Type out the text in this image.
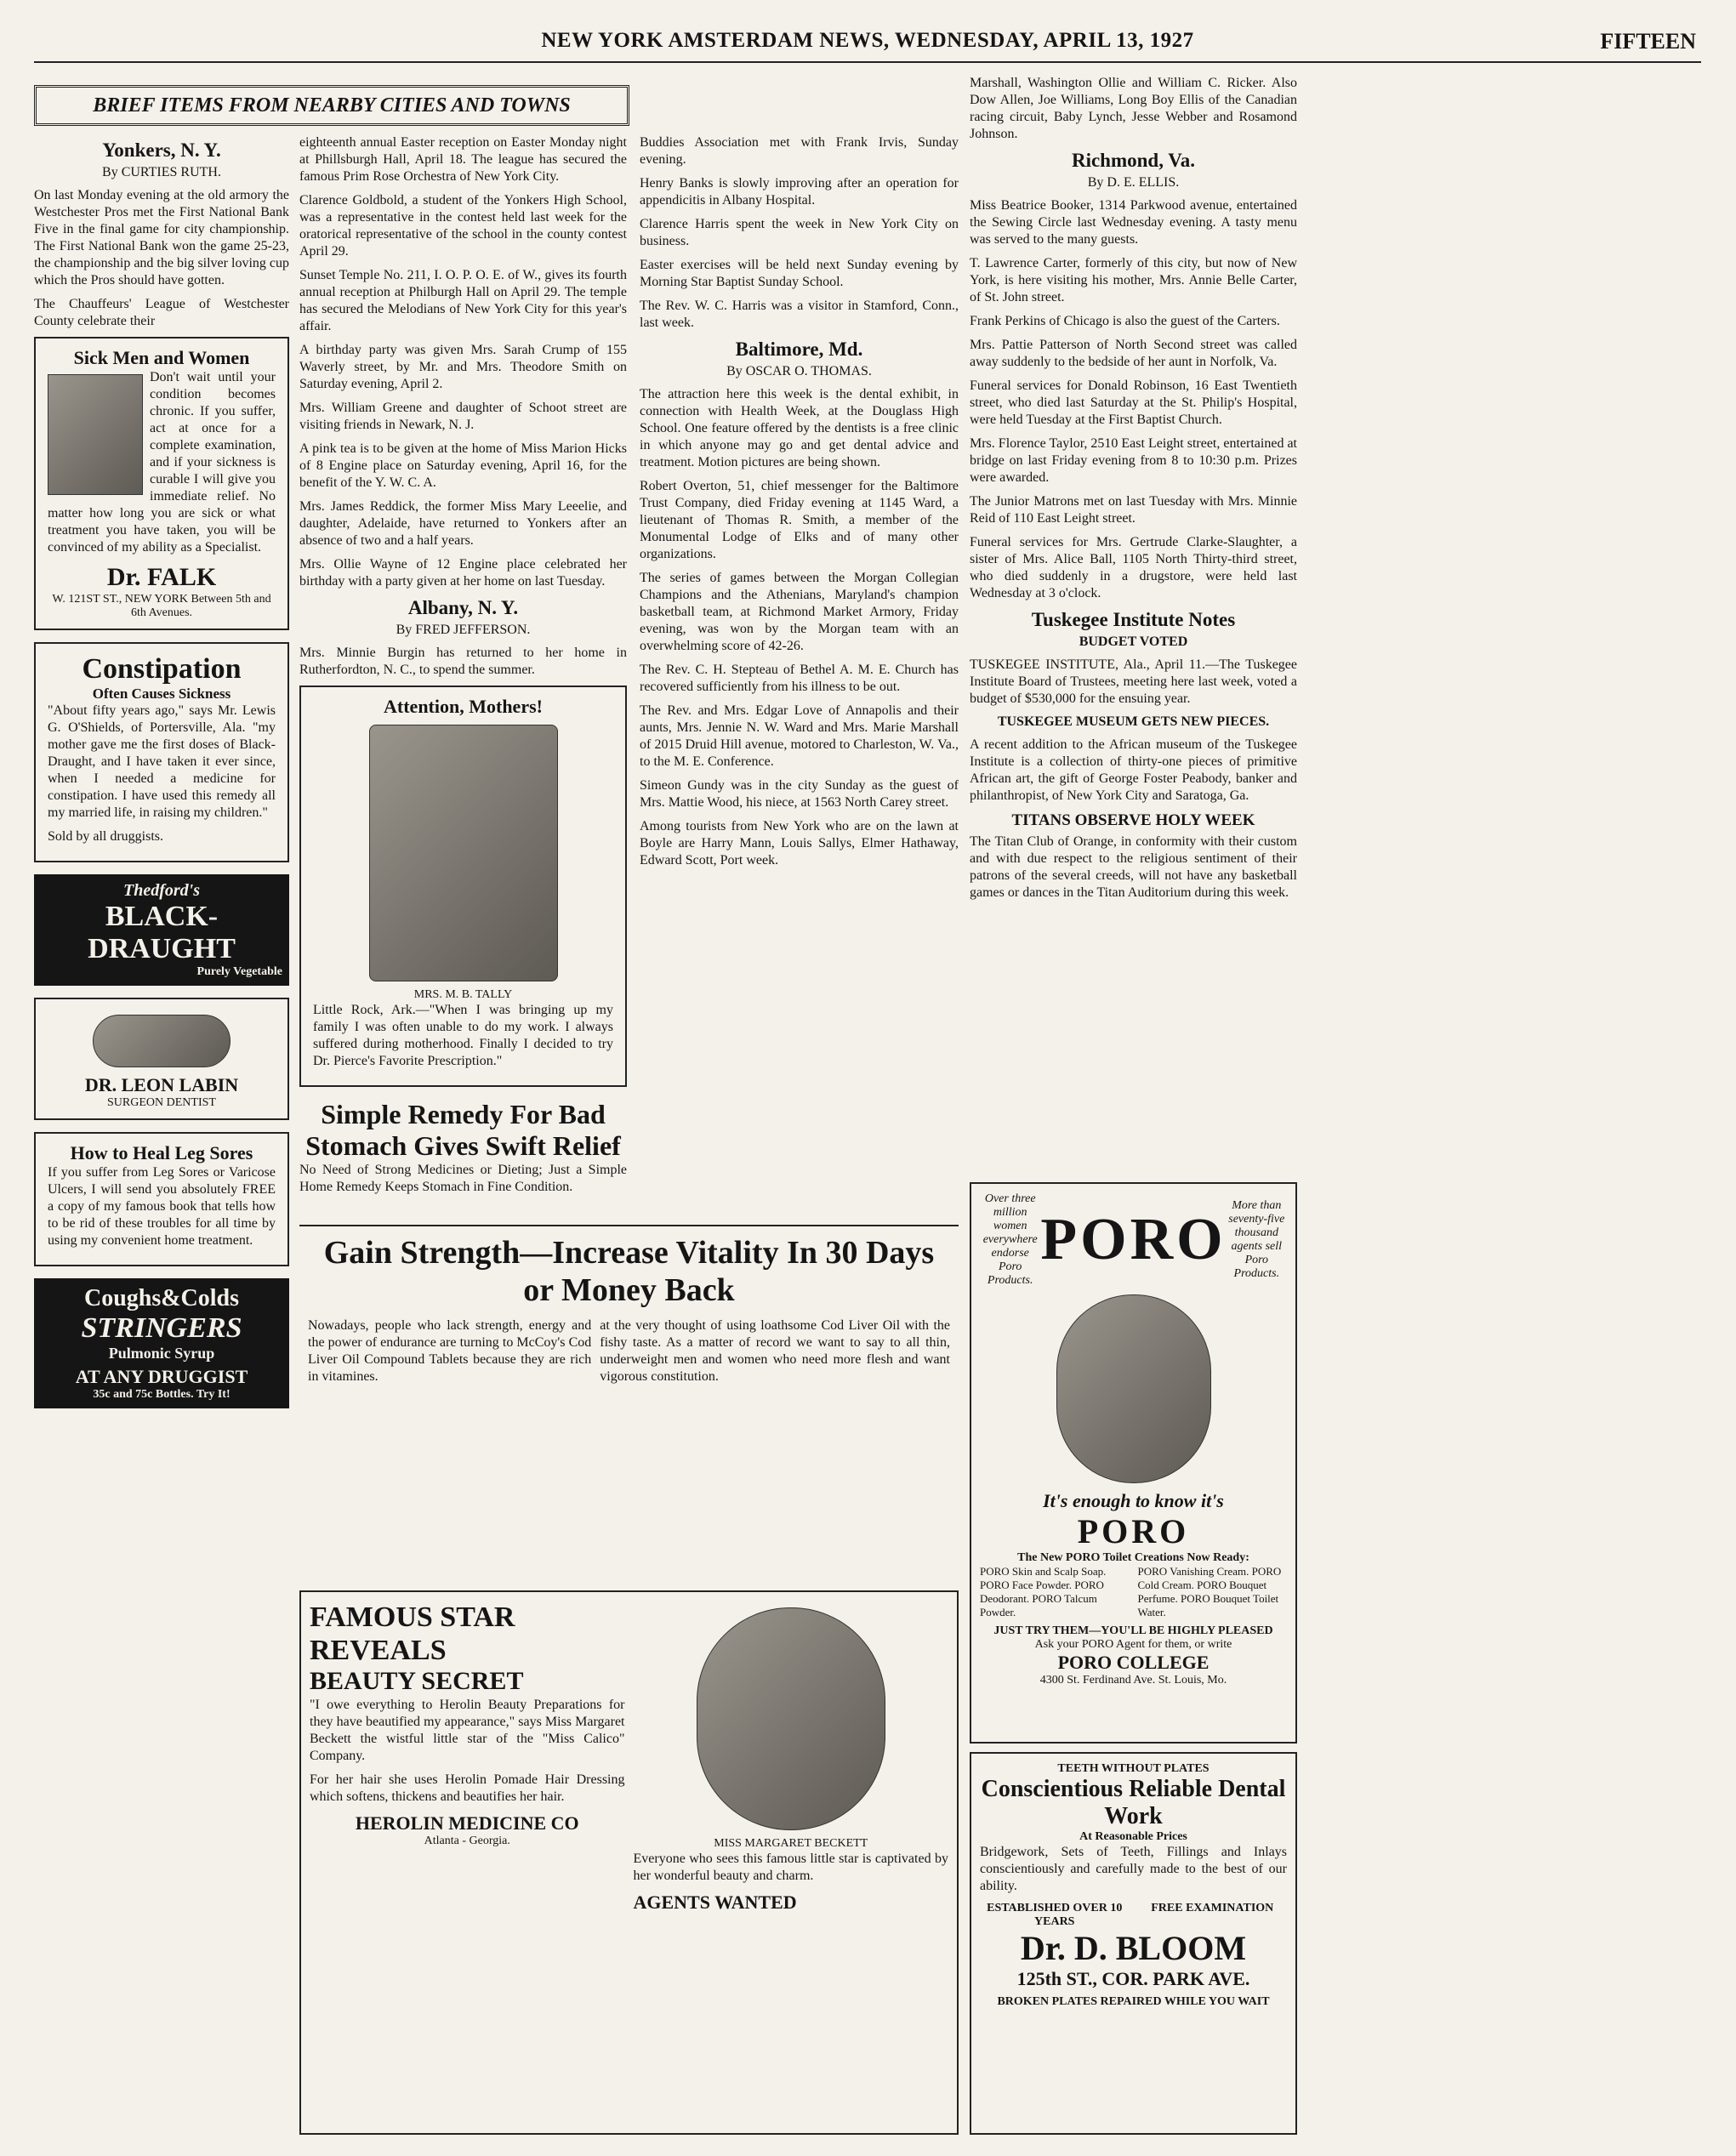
NEW YORK AMSTERDAM NEWS, WEDNESDAY, APRIL 13, 1927	FIFTEEN
Yonkers, N. Y.
By CURTIES RUTH.

On last Monday evening at the old armory the Westchester Pros met the First National Bank Five in the final game for city championship. The First National Bank won the game 25-23, the championship and the big silver loving cup which the Pros should have gotten.

The Chauffeurs' League of Westchester County celebrate their

Sick Men and Women

Don't wait until your condition becomes chronic. If you suffer, act at once for a complete examination, and if your sickness is curable I will give you immediate relief. No matter how long you are sick or what treatment you have taken, you will be convinced of my ability as a Specialist.

Dr. FALK
W. 121ST ST., NEW YORK Between 5th and 6th Avenues.
Constipation
Often Causes Sickness

"About fifty years ago," says Mr. Lewis G. O'Shields, of Portersville, Ala. "my mother gave me the first doses of Black-Draught, and I have taken it ever since, when I needed a medicine for constipation. I have used this remedy all my married life, in raising my children."

Sold by all druggists.

Thedford's
BLACK-DRAUGHT
Purely Vegetable
DR. LEON LABIN
SURGEON DENTIST
How to Heal Leg Sores

If you suffer from Leg Sores or Varicose Ulcers, I will send you absolutely FREE a copy of my famous book that tells how to be rid of these troubles for all time by using my convenient home treatment.

Coughs&Colds
STRINGERS
Pulmonic Syrup
AT ANY DRUGGIST
35c and 75c Bottles. Try It!
BRIEF ITEMS FROM NEARBY CITIES AND TOWNS

eighteenth annual Easter reception on Easter Monday night at Phillsburgh Hall, April 18. The league has secured the famous Prim Rose Orchestra of New York City.

Clarence Goldbold, a student of the Yonkers High School, was a representative in the contest held last week for the oratorical representative of the school in the county contest April 29.

Sunset Temple No. 211, I. O. P. O. E. of W., gives its fourth annual reception at Philburgh Hall on April 29. The temple has secured the Melodians of New York City for this year's affair.

A birthday party was given Mrs. Sarah Crump of 155 Waverly street, by Mr. and Mrs. Theodore Smith on Saturday evening, April 2.

Mrs. William Greene and daughter of Schoot street are visiting friends in Newark, N. J.

A pink tea is to be given at the home of Miss Marion Hicks of 8 Engine place on Saturday evening, April 16, for the benefit of the Y. W. C. A.

Mrs. James Reddick, the former Miss Mary Leeelie, and daughter, Adelaide, have returned to Yonkers after an absence of two and a half years.

Mrs. Ollie Wayne of 12 Engine place celebrated her birthday with a party given at her home on last Tuesday.

Albany, N. Y.
By FRED JEFFERSON.

Mrs. Minnie Burgin has returned to her home in Rutherfordton, N. C., to spend the summer.

Attention, Mothers!
MRS. M. B. TALLY

Little Rock, Ark.—"When I was bringing up my family I was often unable to do my work. I always suffered during motherhood. Finally I decided to try Dr. Pierce's Favorite Prescription."

Simple Remedy For Bad Stomach Gives Swift Relief

No Need of Strong Medicines or Dieting; Just a Simple Home Remedy Keeps Stomach in Fine Condition.

Buddies Association met with Frank Irvis, Sunday evening.

Henry Banks is slowly improving after an operation for appendicitis in Albany Hospital.

Clarence Harris spent the week in New York City on business.

Easter exercises will be held next Sunday evening by Morning Star Baptist Sunday School.

The Rev. W. C. Harris was a visitor in Stamford, Conn., last week.

Baltimore, Md.
By OSCAR O. THOMAS.

The attraction here this week is the dental exhibit, in connection with Health Week, at the Douglass High School. One feature offered by the dentists is a free clinic in which anyone may go and get dental advice and treatment. Motion pictures are being shown.

Robert Overton, 51, chief messenger for the Baltimore Trust Company, died Friday evening at 1145 Ward, a lieutenant of Thomas R. Smith, a member of the Monumental Lodge of Elks and of many other organizations.

The series of games between the Morgan Collegian Champions and the Athenians, Maryland's champion basketball team, at Richmond Market Armory, Friday evening, was won by the Morgan team with an overwhelming score of 42-26.

The Rev. C. H. Stepteau of Bethel A. M. E. Church has recovered sufficiently from his illness to be out.

The Rev. and Mrs. Edgar Love of Annapolis and their aunts, Mrs. Jennie N. W. Ward and Mrs. Marie Marshall of 2015 Druid Hill avenue, motored to Charleston, W. Va., to the M. E. Conference.

Simeon Gundy was in the city Sunday as the guest of Mrs. Mattie Wood, his niece, at 1563 North Carey street.

Among tourists from New York who are on the lawn at Boyle are Harry Mann, Louis Sallys, Elmer Hathaway, Edward Scott, Port week.

Marshall, Washington Ollie and William C. Ricker. Also Dow Allen, Joe Williams, Long Boy Ellis of the Canadian racing circuit, Baby Lynch, Jesse Webber and Rosamond Johnson.

Richmond, Va.
By D. E. ELLIS.

Miss Beatrice Booker, 1314 Parkwood avenue, entertained the Sewing Circle last Wednesday evening. A tasty menu was served to the many guests.

T. Lawrence Carter, formerly of this city, but now of New York, is here visiting his mother, Mrs. Annie Belle Carter, of St. John street.

Frank Perkins of Chicago is also the guest of the Carters.

Mrs. Pattie Patterson of North Second street was called away suddenly to the bedside of her aunt in Norfolk, Va.

Funeral services for Donald Robinson, 16 East Twentieth street, who died last Saturday at the St. Philip's Hospital, were held Tuesday at the First Baptist Church.

Mrs. Florence Taylor, 2510 East Leight street, entertained at bridge on last Friday evening from 8 to 10:30 p.m. Prizes were awarded.

The Junior Matrons met on last Tuesday with Mrs. Minnie Reid of 110 East Leight street.

Funeral services for Mrs. Gertrude Clarke-Slaughter, a sister of Mrs. Alice Ball, 1105 North Thirty-third street, who died suddenly in a drugstore, were held last Wednesday at 3 o'clock.

Tuskegee Institute Notes
BUDGET VOTED

TUSKEGEE INSTITUTE, Ala., April 11.—The Tuskegee Institute Board of Trustees, meeting here last week, voted a budget of $530,000 for the ensuing year.

TUSKEGEE MUSEUM GETS NEW PIECES.

A recent addition to the African museum of the Tuskegee Institute is a collection of thirty-one pieces of primitive African art, the gift of George Foster Peabody, banker and philanthropist, of New York City and Saratoga, Ga.

TITANS OBSERVE HOLY WEEK

The Titan Club of Orange, in conformity with their custom and with due respect to the religious sentiment of their patrons of the several creeds, will not have any basketball games or dances in the Titan Auditorium during this week.

Over three million women everywhere endorse Poro Products.
PORO
More than seventy-five thousand agents sell Poro Products.
It's enough to know it's
PORO
The New PORO Toilet Creations Now Ready:
PORO Skin and Scalp Soap. PORO Face Powder. PORO Deodorant. PORO Talcum Powder.
PORO Vanishing Cream. PORO Cold Cream. PORO Bouquet Perfume. PORO Bouquet Toilet Water.
JUST TRY THEM—YOU'LL BE HIGHLY PLEASED
Ask your PORO Agent for them, or write
PORO COLLEGE
4300 St. Ferdinand Ave. St. Louis, Mo.
Gain Strength—Increase Vitality In 30 Days or Money Back

Nowadays, people who lack strength, energy and the power of endurance are turning to McCoy's Cod Liver Oil Compound Tablets because they are rich in vitamines.

at the very thought of using loathsome Cod Liver Oil with the fishy taste. As a matter of record we want to say to all thin, underweight men and women who need more flesh and want vigorous constitution.

FAMOUS STAR REVEALS
BEAUTY SECRET

"I owe everything to Herolin Beauty Preparations for they have beautified my appearance," says Miss Margaret Beckett the wistful little star of the "Miss Calico" Company.

For her hair she uses Herolin Pomade Hair Dressing which softens, thickens and beautifies her hair.

HEROLIN MEDICINE CO
Atlanta - Georgia.	MISS MARGARET BECKETT

Everyone who sees this famous little star is captivated by her wonderful beauty and charm.

AGENTS WANTED
TEETH WITHOUT PLATES
Conscientious Reliable Dental Work
At Reasonable Prices

Bridgework, Sets of Teeth, Fillings and Inlays conscientiously and carefully made to the best of our ability.

ESTABLISHED OVER 10 YEARS
FREE EXAMINATION
Dr. D. BLOOM
125th ST., COR. PARK AVE.
BROKEN PLATES REPAIRED WHILE YOU WAIT
